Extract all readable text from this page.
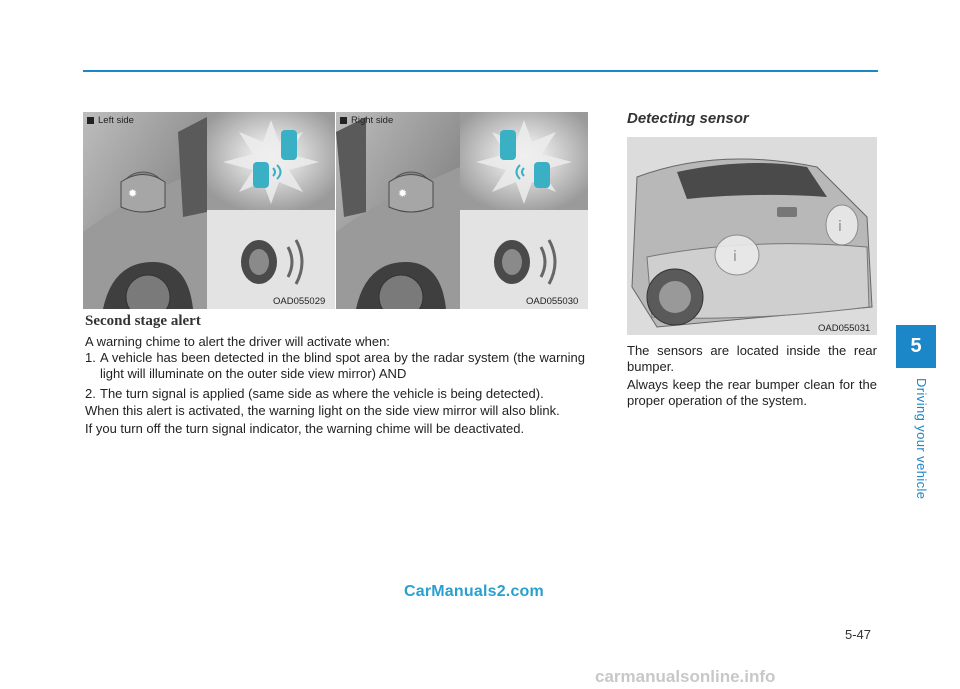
✹
Left side
OAD055029
✹
Right side
OAD055030
ⅰ
ⅰ
OAD055031
Second stage alert

A warning chime to alert the driver will activate when:

1. A vehicle has been detected in the blind spot area by the radar system (the warning light will illuminate on the outer side view mirror) AND
2. The turn signal is applied (same side as where the vehicle is being detected).

When this alert is activated, the warning light on the side view mirror will also blink.

If you turn off the turn signal indicator, the warning chime will be deactivated.

Detecting sensor

The sensors are located inside the rear bumper.

Always keep the rear bumper clean for the proper operation of the system.

5
Driving your vehicle
CarManuals2.com
5-47
carmanualsonline.info
